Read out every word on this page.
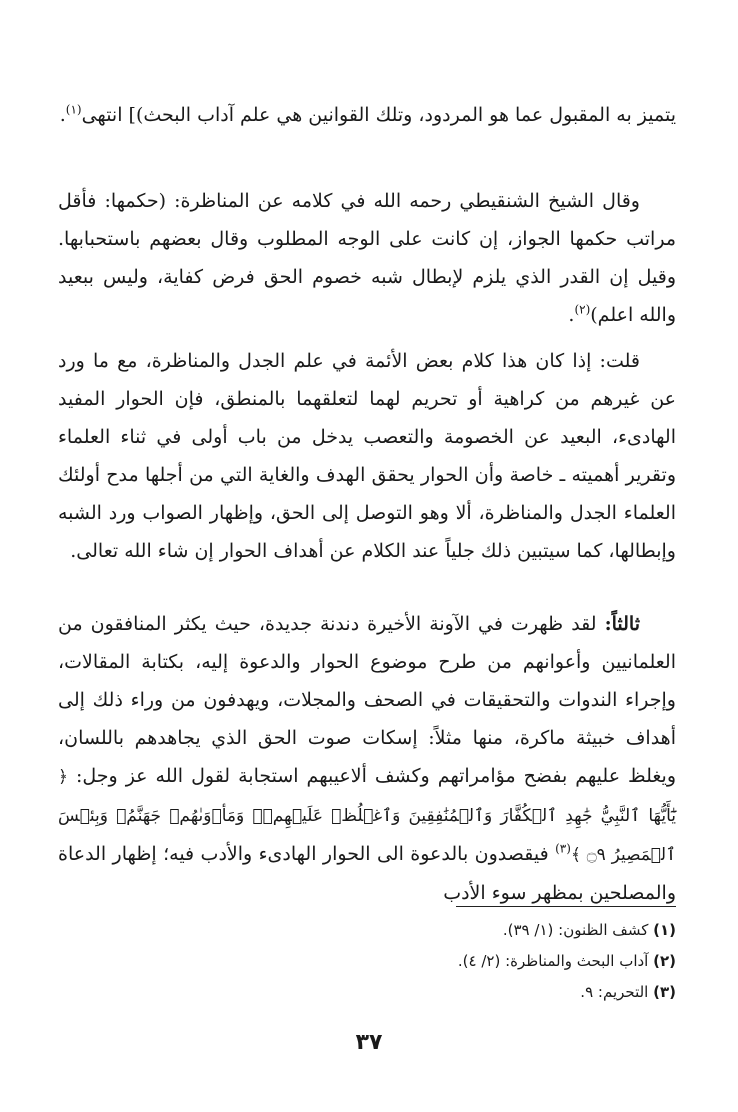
يتميز به المقبول عما هو المردود، وتلك القوانين هي علم آداب البحث)] انتهى$^{(١)}$.

وقال الشيخ الشنقيطي رحمه الله في كلامه عن المناظرة: (حكمها: فأقل مراتب حكمها الجواز، إن كانت على الوجه المطلوب وقال بعضهم باستحبابها. وقيل إن القدر الذي يلزم لإبطال شبه خصوم الحق فرض كفاية، وليس ببعيد والله اعلم)$^{(٢)}$.

قلت: إذا كان هذا كلام بعض الأئمة في علم الجدل والمناظرة، مع ما ورد عن غيرهم من كراهية أو تحريم لهما لتعلقهما بالمنطق، فإن الحوار المفيد الهادىء، البعيد عن الخصومة والتعصب يدخل من باب أولى في ثناء العلماء وتقرير أهميته ـ خاصة وأن الحوار يحقق الهدف والغاية التي من أجلها مدح أولئك العلماء الجدل والمناظرة، ألا وهو التوصل إلى الحق، وإظهار الصواب ورد الشبه وإبطالها، كما سيتبين ذلك جلياً عند الكلام عن أهداف الحوار إن شاء الله تعالى.

ثالثاً: لقد ظهرت في الآونة الأخيرة دندنة جديدة، حيث يكثر المنافقون من العلمانيين وأعوانهم من طرح موضوع الحوار والدعوة إليه، بكتابة المقالات، وإجراء الندوات والتحقيقات في الصحف والمجلات، ويهدفون من وراء ذلك إلى أهداف خبيثة ماكرة، منها مثلاً: إسكات صوت الحق الذي يجاهدهم باللسان، ويغلظ عليهم بفضح مؤامراتهم وكشف ألاعيبهم استجابة لقول الله عز وجل: ﴿ يَٰٓأَيُّهَا ٱلنَّبِيُّ جَٰهِدِ ٱلۡكُفَّارَ وَٱلۡمُنَٰفِقِينَ وَٱغۡلُظۡ عَلَيۡهِمۡۚ وَمَأۡوَىٰهُمۡ جَهَنَّمُۖ وَبِئۡسَ ٱلۡمَصِيرُ ۝٩ ﴾$^{(٣)}$ فيقصدون بالدعوة الى الحوار الهادىء والأدب فيه؛ إظهار الدعاة والمصلحين بمظهر سوء الأدب

(١) كشف الظنون: (١/ ٣٩).

(٢) آداب البحث والمناظرة: (٢/ ٤).

(٣) التحريم: ٩.

٣٧
